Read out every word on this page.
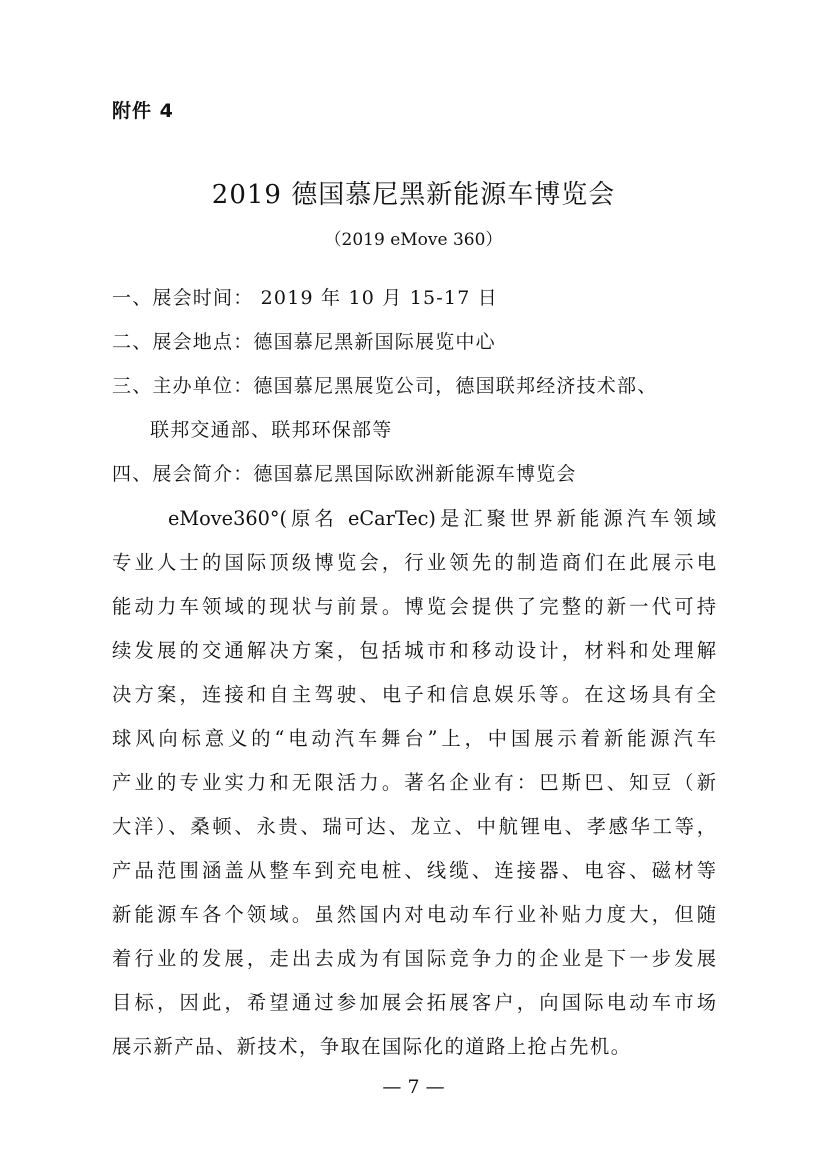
附件 4
2019 德国慕尼黑新能源车博览会
（2019 eMove 360）
一、展会时间： 2019 年 10 月 15-17 日
二、展会地点：德国慕尼黑新国际展览中心
三、主办单位：德国慕尼黑展览公司，德国联邦经济技术部、
联邦交通部、联邦环保部等
四、展会简介：德国慕尼黑国际欧洲新能源车博览会
eMove360°(原名 eCarTec)是汇聚世界新能源汽车领域
专业人士的国际顶级博览会，行业领先的制造商们在此展示电
能动力车领域的现状与前景。博览会提供了完整的新一代可持
续发展的交通解决方案，包括城市和移动设计，材料和处理解
决方案，连接和自主驾驶、电子和信息娱乐等。在这场具有全
球风向标意义的“电动汽车舞台”上，中国展示着新能源汽车
产业的专业实力和无限活力。著名企业有：巴斯巴、知豆（新
大洋）、桑顿、永贵、瑞可达、龙立、中航锂电、孝感华工等，
产品范围涵盖从整车到充电桩、线缆、连接器、电容、磁材等
新能源车各个领域。虽然国内对电动车行业补贴力度大，但随
着行业的发展，走出去成为有国际竞争力的企业是下一步发展
目标，因此，希望通过参加展会拓展客户，向国际电动车市场
展示新产品、新技术，争取在国际化的道路上抢占先机。
— 7 —
